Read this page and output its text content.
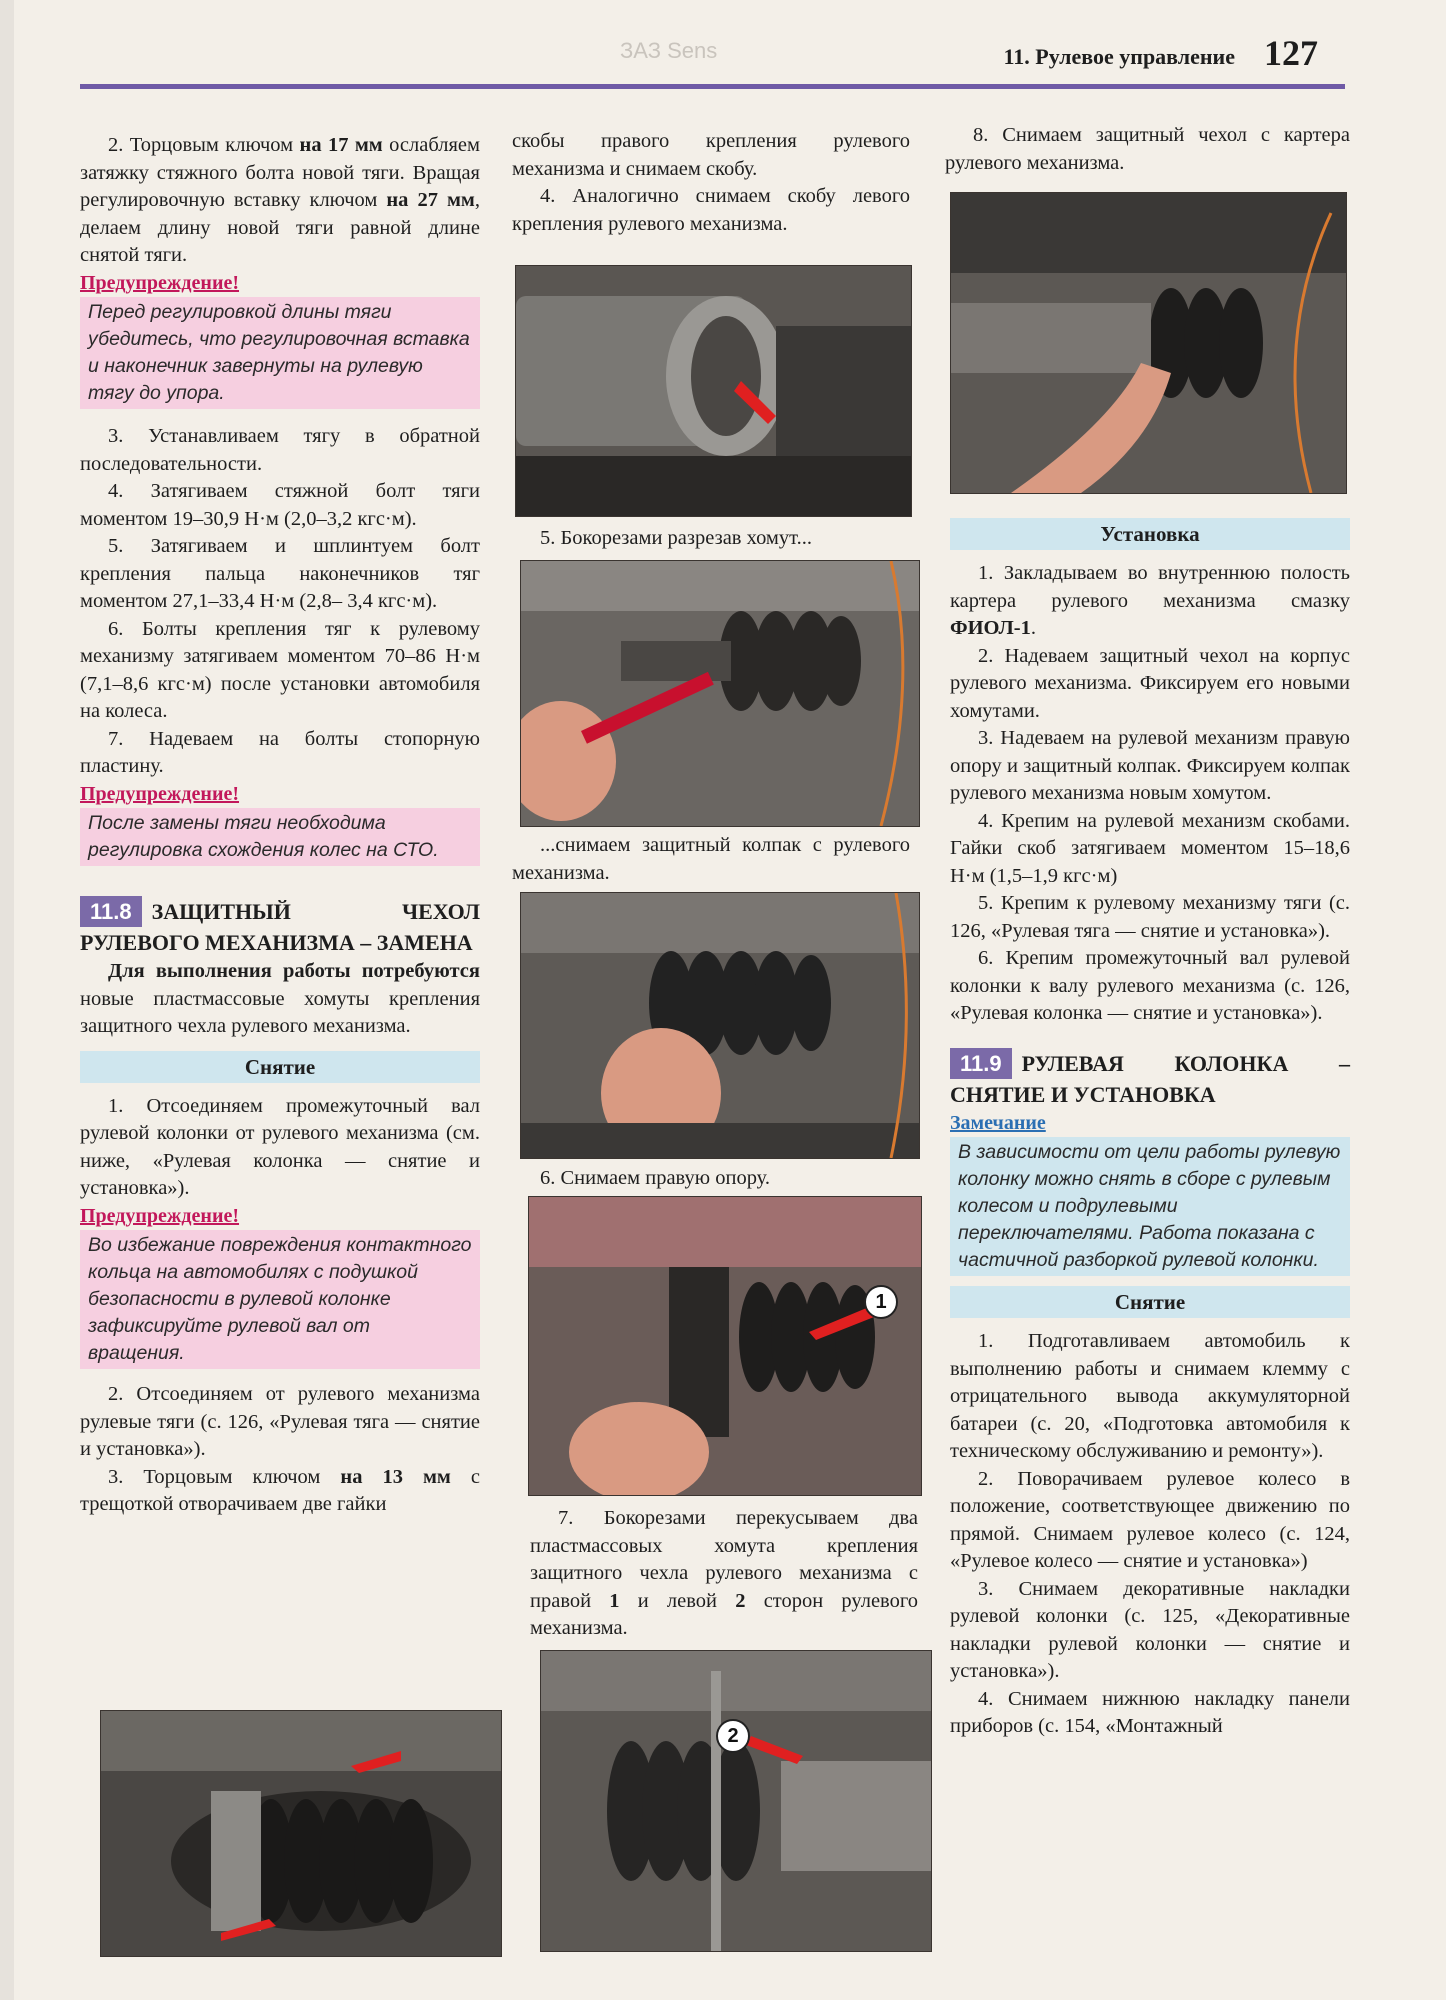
ЗАЗ Sens	11. Рулевое управление 127

2. Торцовым ключом на 17 мм ослабляем затяжку стяжного болта новой тяги. Вращая регулировочную вставку ключом на 27 мм, делаем длину новой тяги равной длине снятой тяги.

Предупреждение!

Перед регулировкой длины тяги убедитесь, что регулировочная вставка и наконечник завернуты на рулевую тягу до упора.

3. Устанавливаем тягу в обратной последовательности.

4. Затягиваем стяжной болт тяги моментом 19–30,9 Н·м (2,0–3,2 кгс·м).

5. Затягиваем и шплинтуем болт крепления пальца наконечников тяг моментом 27,1–33,4 Н·м (2,8– 3,4 кгс·м).

6. Болты крепления тяг к рулевому механизму затягиваем моментом 70–86 Н·м (7,1–8,6 кгс·м) после установки автомобиля на колеса.

7. Надеваем на болты стопорную пластину.

Предупреждение!

После замены тяги необходима регулировка схождения колес на СТО.
11.8 ЗАЩИТНЫЙ ЧЕХОЛ РУЛЕВОГО МЕХАНИЗМА – ЗАМЕНА

Для выполнения работы потребуются новые пластмассовые хомуты крепления защитного чехла рулевого механизма.

Снятие

1. Отсоединяем промежуточный вал рулевой колонки от рулевого механизма (см. ниже, «Рулевая колонка — снятие и установка»).

Предупреждение!

Во избежание повреждения контактного кольца на автомобилях с подушкой безопасности в рулевой колонке зафиксируйте рулевой вал от вращения.

2. Отсоединяем от рулевого механизма рулевые тяги (с. 126, «Рулевая тяга — снятие и установка»).

3. Торцовым ключом на 13 мм с трещоткой отворачиваем две гайки

скобы правого крепления рулевого механизма и снимаем скобу.

4. Аналогично снимаем скобу левого крепления рулевого механизма.

5. Бокорезами разрезав хомут...

...снимаем защитный колпак с рулевого механизма.

6. Снимаем правую опору.

1

7. Бокорезами перекусываем два пластмассовых хомута крепления защитного чехла рулевого механизма с правой 1 и левой 2 сторон рулевого механизма.

2

8. Снимаем защитный чехол с картера рулевого механизма.

Установка

1. Закладываем во внутреннюю полость картера рулевого механизма смазку ФИОЛ-1.

2. Надеваем защитный чехол на корпус рулевого механизма. Фиксируем его новыми хомутами.

3. Надеваем на рулевой механизм правую опору и защитный колпак. Фиксируем колпак рулевого механизма новым хомутом.

4. Крепим на рулевой механизм скобами. Гайки скоб затягиваем моментом 15–18,6 Н·м (1,5–1,9 кгс·м)

5. Крепим к рулевому механизму тяги (с. 126, «Рулевая тяга — снятие и установка»).

6. Крепим промежуточный вал рулевой колонки к валу рулевого механизма (с. 126, «Рулевая колонка — снятие и установка»).

11.9 РУЛЕВАЯ КОЛОНКА – СНЯТИЕ И УСТАНОВКА

Замечание

В зависимости от цели работы рулевую колонку можно снять в сборе с рулевым колесом и подрулевыми переключателями. Работа показана с частичной разборкой рулевой колонки.
Снятие

1. Подготавливаем автомобиль к выполнению работы и снимаем клемму с отрицательного вывода аккумуляторной батареи (с. 20, «Подготовка автомобиля к техническому обслуживанию и ремонту»).

2. Поворачиваем рулевое колесо в положение, соответствующее движению по прямой. Снимаем рулевое колесо (с. 124, «Рулевое колесо — снятие и установка»)

3. Снимаем декоративные накладки рулевой колонки (с. 125, «Декоративные накладки рулевой колонки — снятие и установка»).

4. Снимаем нижнюю накладку панели приборов (с. 154, «Монтажный
